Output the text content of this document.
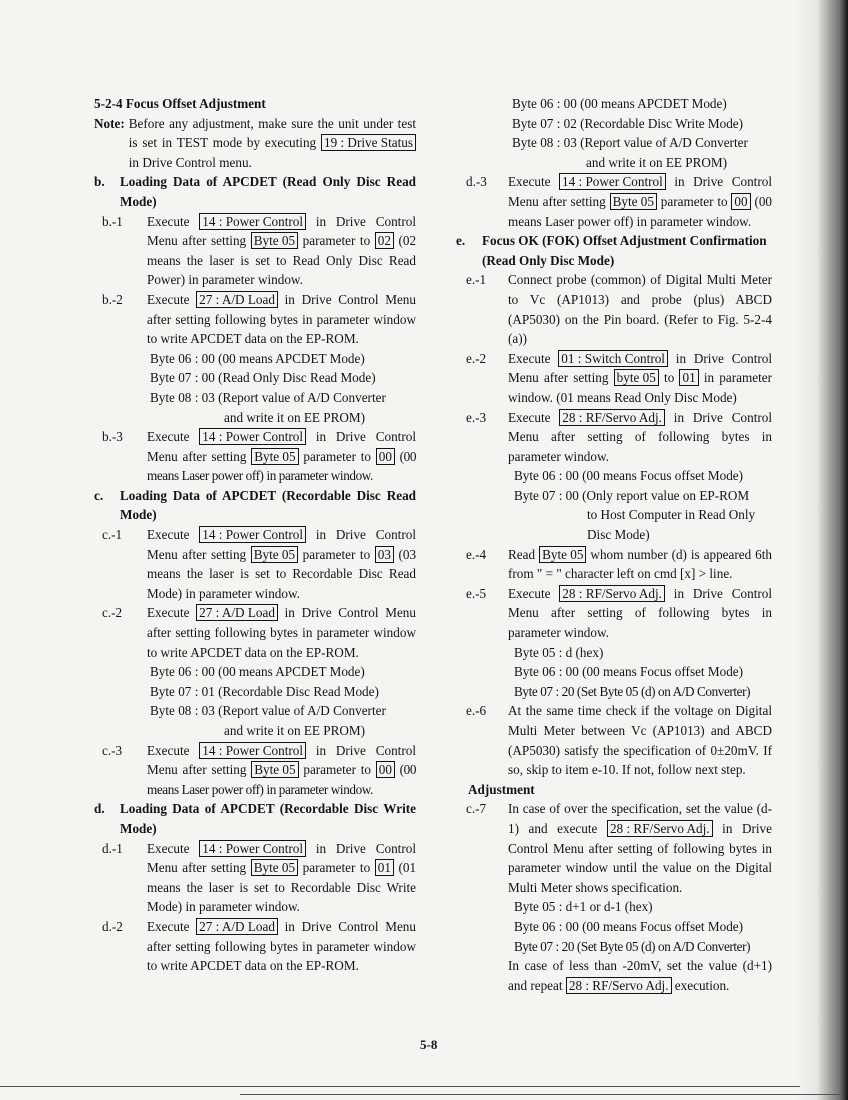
5-2-4 Focus Offset Adjustment
Note: Before any adjustment, make sure the unit under test is set in TEST mode by executing 19 : Drive Status in Drive Control menu.
b.	Loading Data of APCDET (Read Only Disc Read Mode)
b.-1	Execute 14 : Power Control in Drive Control Menu after setting Byte 05 parameter to 02 (02 means the laser is set to Read Only Disc Read Power) in parameter window.
b.-2	Execute 27 : A/D Load in Drive Control Menu after setting following bytes in parameter window to write APCDET data on the EP-ROM.
Byte 06 : 00 (00 means APCDET Mode)
Byte 07 : 00 (Read Only Disc Read Mode)
Byte 08 : 03 (Report value of A/D Converter
and write it on EE PROM)
b.-3	Execute 14 : Power Control in Drive Control Menu after setting Byte 05 parameter to 00 (00 means Laser power off) in parameter window.
c.	Loading Data of APCDET (Recordable Disc Read Mode)
c.-1	Execute 14 : Power Control in Drive Control Menu after setting Byte 05 parameter to 03 (03 means the laser is set to Recordable Disc Read Mode) in parameter window.
c.-2	Execute 27 : A/D Load in Drive Control Menu after setting following bytes in parameter window to write APCDET data on the EP-ROM.
Byte 06 : 00 (00 means APCDET Mode)
Byte 07 : 01 (Recordable Disc Read Mode)
Byte 08 : 03 (Report value of A/D Converter
and write it on EE PROM)
c.-3	Execute 14 : Power Control in Drive Control Menu after setting Byte 05 parameter to 00 (00 means Laser power off) in parameter window.
d.	Loading Data of APCDET (Recordable Disc Write Mode)
d.-1	Execute 14 : Power Control in Drive Control Menu after setting Byte 05 parameter to 01 (01 means the laser is set to Recordable Disc Write Mode) in parameter window.
d.-2	Execute 27 : A/D Load in Drive Control Menu after setting following bytes in parameter window to write APCDET data on the EP-ROM.
Byte 06 : 00 (00 means APCDET Mode)
Byte 07 : 02 (Recordable Disc Write Mode)
Byte 08 : 03 (Report value of A/D Converter
and write it on EE PROM)
d.-3	Execute 14 : Power Control in Drive Control Menu after setting Byte 05 parameter to 00 (00 means Laser power off) in parameter window.
e.	Focus OK (FOK) Offset Adjustment Confirmation (Read Only Disc Mode)
e.-1	Connect probe (common) of Digital Multi Meter to Vc (AP1013) and probe (plus) ABCD (AP5030) on the Pin board. (Refer to Fig. 5-2-4 (a))
e.-2	Execute 01 : Switch Control in Drive Control Menu after setting byte 05 to 01 in parameter window. (01 means Read Only Disc Mode)
e.-3	Execute 28 : RF/Servo Adj. in Drive Control Menu after setting of following bytes in parameter window.
Byte 06 : 00 (00 means Focus offset Mode)
Byte 07 : 00 (Only report value on EP-ROM
to Host Computer in Read Only
Disc Mode)
e.-4	Read Byte 05 whom number (d) is appeared 6th from " = " character left on cmd [x] > line.
e.-5	Execute 28 : RF/Servo Adj. in Drive Control Menu after setting of following bytes in parameter window.
Byte 05 : d (hex)
Byte 06 : 00 (00 means Focus offset Mode)
Byte 07 : 20 (Set Byte 05 (d) on A/D Converter)
e.-6	At the same time check if the voltage on Digital Multi Meter between Vc (AP1013) and ABCD (AP5030) satisfy the specification of 0±20mV. If so, skip to item e-10. If not, follow next step.
Adjustment
c.-7	In case of over the specification, set the value (d-1) and execute 28 : RF/Servo Adj. in Drive Control Menu after setting of following bytes in parameter window until the value on the Digital Multi Meter shows specification.
Byte 05 : d+1 or d-1 (hex)
Byte 06 : 00 (00 means Focus offset Mode)
Byte 07 : 20 (Set Byte 05 (d) on A/D Converter)
In case of less than -20mV, set the value (d+1) and repeat 28 : RF/Servo Adj. execution.
5-8
